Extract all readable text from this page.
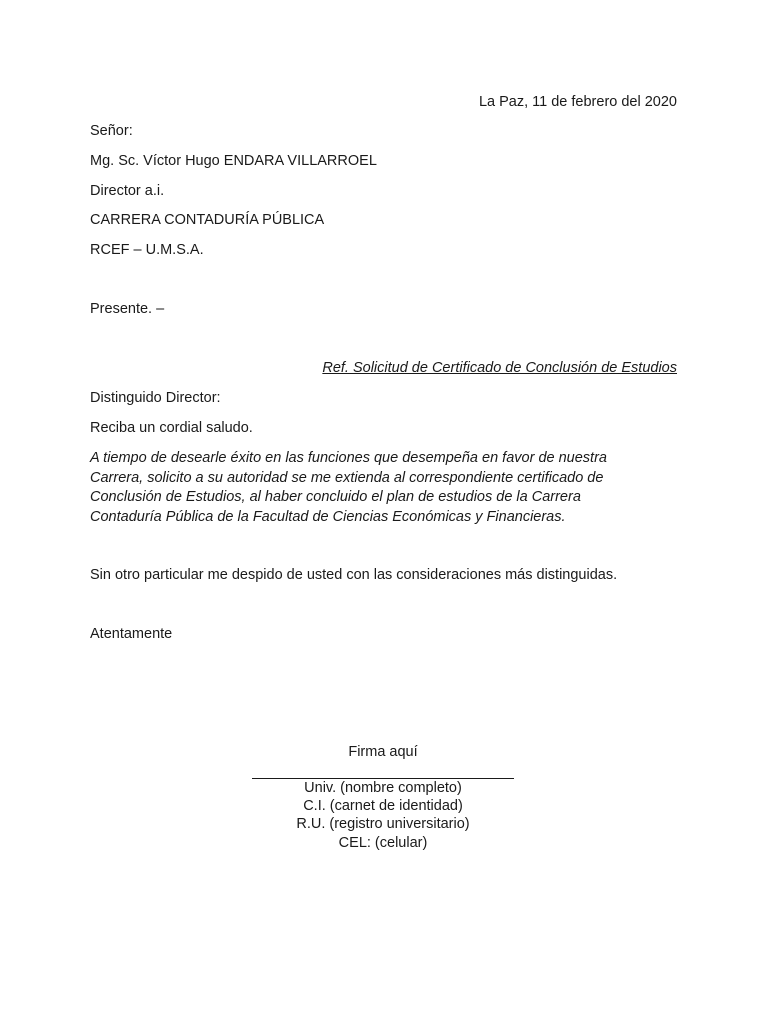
La Paz, 11 de febrero del 2020
Señor:
Mg. Sc. Víctor Hugo ENDARA VILLARROEL
Director a.i.
CARRERA CONTADURÍA PÚBLICA
RCEF – U.M.S.A.
Presente. –
Ref. Solicitud de Certificado de Conclusión de Estudios
Distinguido Director:
Reciba un cordial saludo.
A tiempo de desearle éxito en las funciones que desempeña en favor de nuestra
Carrera, solicito a su autoridad se me extienda al correspondiente certificado de
Conclusión de Estudios, al haber concluido el plan de estudios de la Carrera
Contaduría Pública de la Facultad de Ciencias Económicas y Financieras.
Sin otro particular me despido de usted con las consideraciones más distinguidas.
Atentamente
Firma aquí
Univ. (nombre completo)
C.I. (carnet de identidad)
R.U. (registro universitario)
CEL: (celular)
